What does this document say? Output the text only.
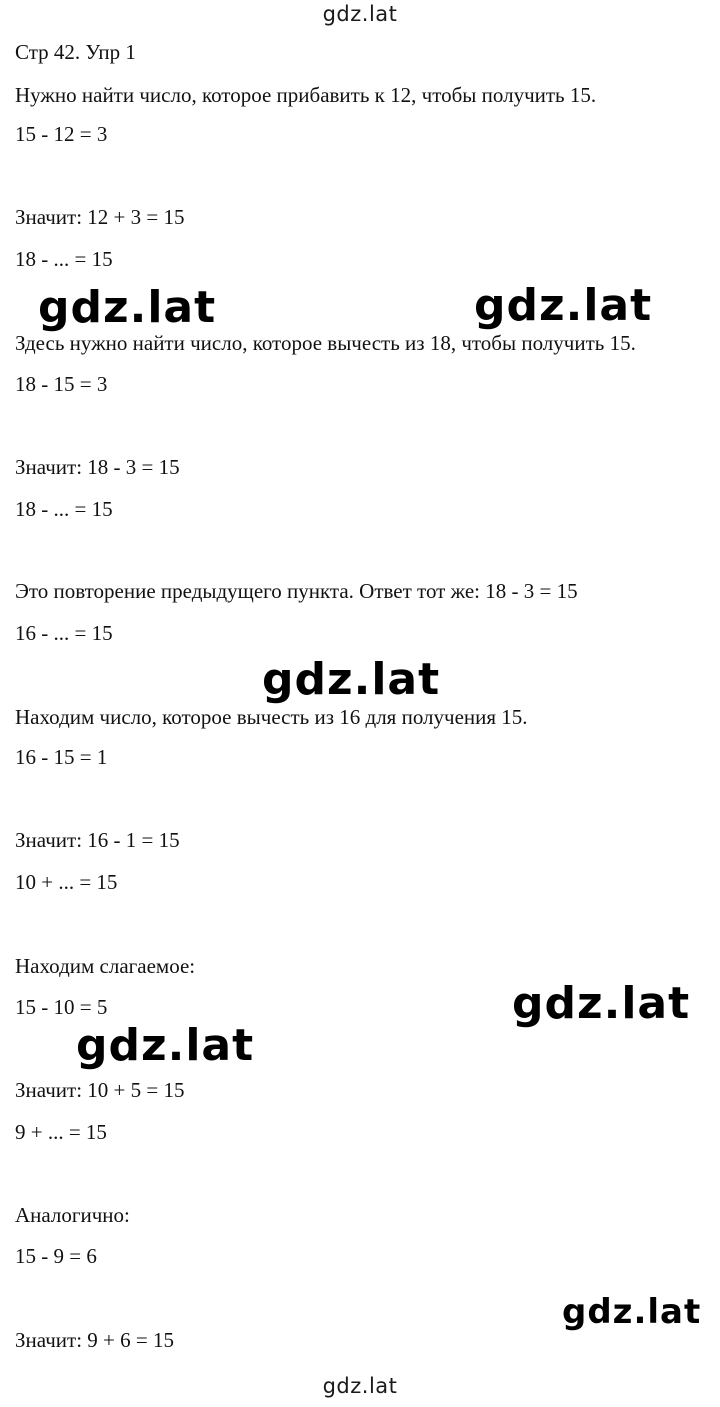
gdz.lat
Стр 42. Упр 1
Нужно найти число, которое прибавить к 12, чтобы получить 15.
15 - 12 = 3
Значит: 12 + 3 = 15
18 - ... = 15
Здесь нужно найти число, которое вычесть из 18, чтобы получить 15.
18 - 15 = 3
Значит: 18 - 3 = 15
18 - ... = 15
Это повторение предыдущего пункта. Ответ тот же: 18 - 3 = 15
16 - ... = 15
Находим число, которое вычесть из 16 для получения 15.
16 - 15 = 1
Значит: 16 - 1 = 15
10 + ... = 15
Находим слагаемое:
15 - 10 = 5
Значит: 10 + 5 = 15
9 + ... = 15
Аналогично:
15 - 9 = 6
Значит: 9 + 6 = 15
gdz.lat	gdz.lat
gdz.lat
gdz.lat
gdz.lat
gdz.lat
gdz.lat
